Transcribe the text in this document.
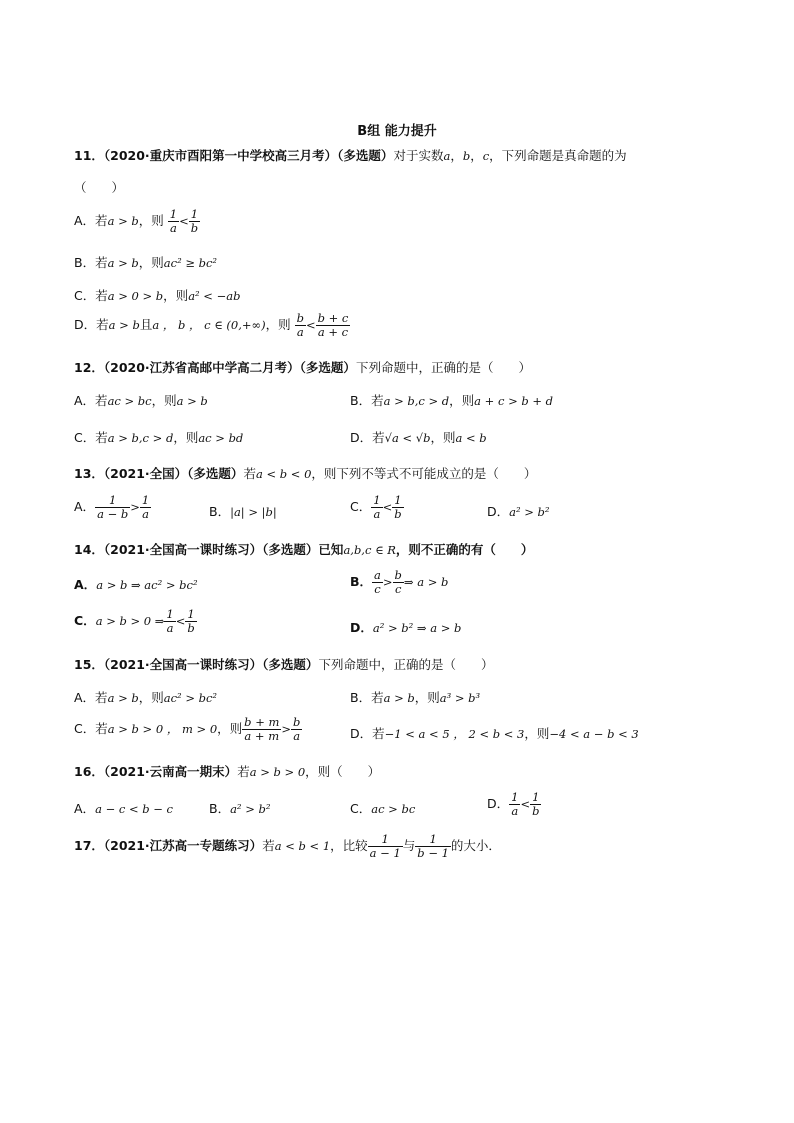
B组 能力提升
11．（2020·重庆市酉阳第一中学校高三月考）（多选题）对于实数a，b，c，下列命题是真命题的为
（　　）
A．若a > b，则 $\frac{1}{a} < \frac{1}{b}$
B．若a > b，则ac² ≥ bc²
C．若a > 0 > b，则a² < −ab
D．若a > b且a ， b ， c ∈ (0,+∞)，则 $\frac{b}{a} < \frac{b + c}{a + c}$
12．（2020·江苏省高邮中学高二月考）（多选题）下列命题中，正确的是（　　）
A．若ac > bc，则a > b	B．若a > b,c > d，则a + c > b + d
C．若a > b,c > d，则ac > bd	D．若√a < √b，则a < b
13．（2021·全国）（多选题）若a < b < 0，则下列不等式不可能成立的是（　　）
A． $\frac{1}{a - b} > \frac{1}{a}$	B．|a| > |b|	C． $\frac{1}{a} < \frac{1}{b}$	D．a² > b²
14．（2021·全国高一课时练习）（多选题）已知a,b,c ∈ R，则不正确的有（　　）
A．a > b ⇒ ac² > bc²	B． $\frac{a}{c} > \frac{b}{c}$ ⇒ a > b
C．a > b > 0 ⇒ $\frac{1}{a} < \frac{1}{b}$	D．a² > b² ⇒ a > b
15．（2021·全国高一课时练习）（多选题）下列命题中，正确的是（　　）
A．若a > b，则ac² > bc²	B．若a > b，则a³ > b³
C．若a > b > 0 ， m > 0，则 $\frac{b + m}{a + m} > \frac{b}{a}$	D．若−1 < a < 5 ， 2 < b < 3，则−4 < a − b < 3
16．（2021·云南高一期末）若a > b > 0，则（　　）
A．a − c < b − c	B．a² > b²	C．ac > bc	D． $\frac{1}{a} < \frac{1}{b}$
17．（2021·江苏高一专题练习）若a < b < 1，比较 $\frac{1}{a - 1}$ 与 $\frac{1}{b - 1}$ 的大小．
